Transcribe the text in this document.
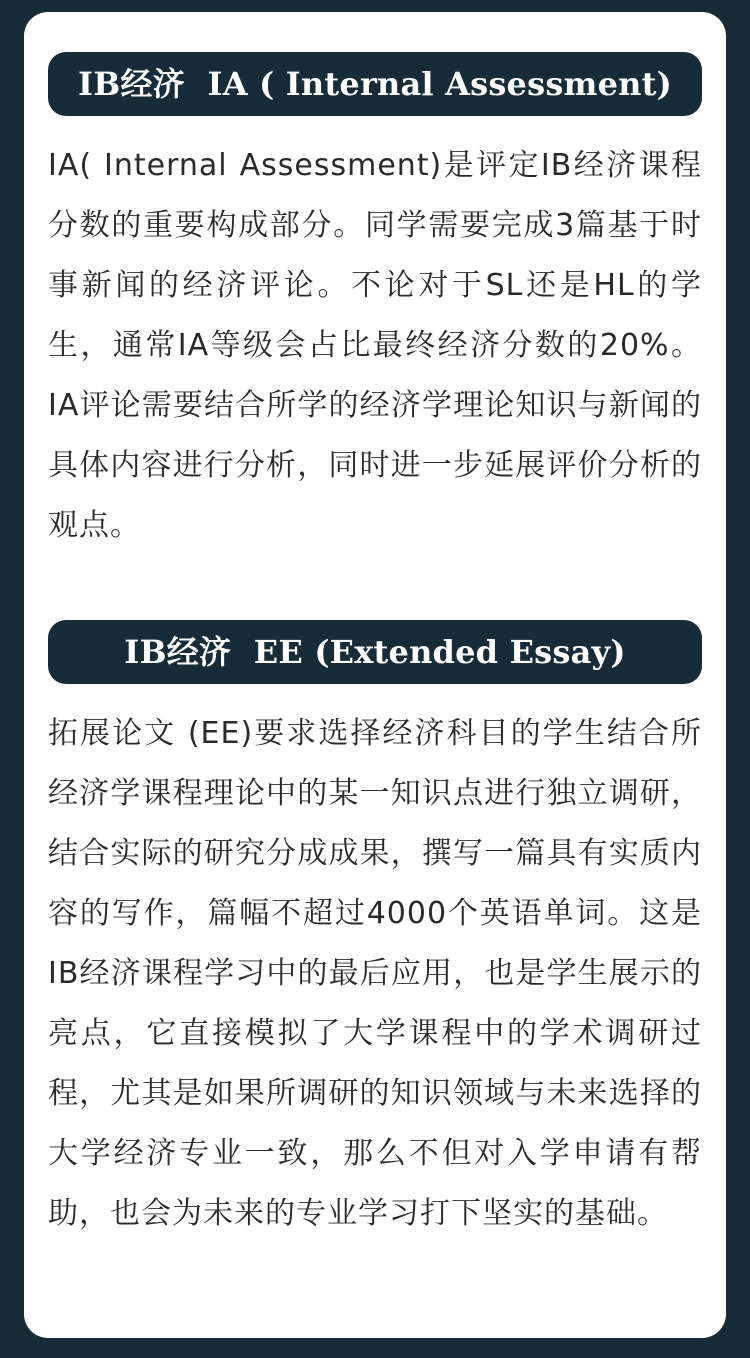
IB经济  IA ( Internal Assessment)

IA( Internal Assessment)是评定IB经济课程分数的重要构成部分。同学需要完成3篇基于时事新闻的经济评论。不论对于SL还是HL的学生，通常IA等级会占比最终经济分数的20%。IA评论需要结合所学的经济学理论知识与新闻的具体内容进行分析，同时进一步延展评价分析的观点。

IB经济  EE (Extended Essay)

拓展论文 (EE)要求选择经济科目的学生结合所经济学课程理论中的某一知识点进行独立调研，结合实际的研究分成成果，撰写一篇具有实质内容的写作，篇幅不超过4000个英语单词。这是IB经济课程学习中的最后应用，也是学生展示的亮点，它直接模拟了大学课程中的学术调研过程，尤其是如果所调研的知识领域与未来选择的大学经济专业一致，那么不但对入学申请有帮助，也会为未来的专业学习打下坚实的基础。
